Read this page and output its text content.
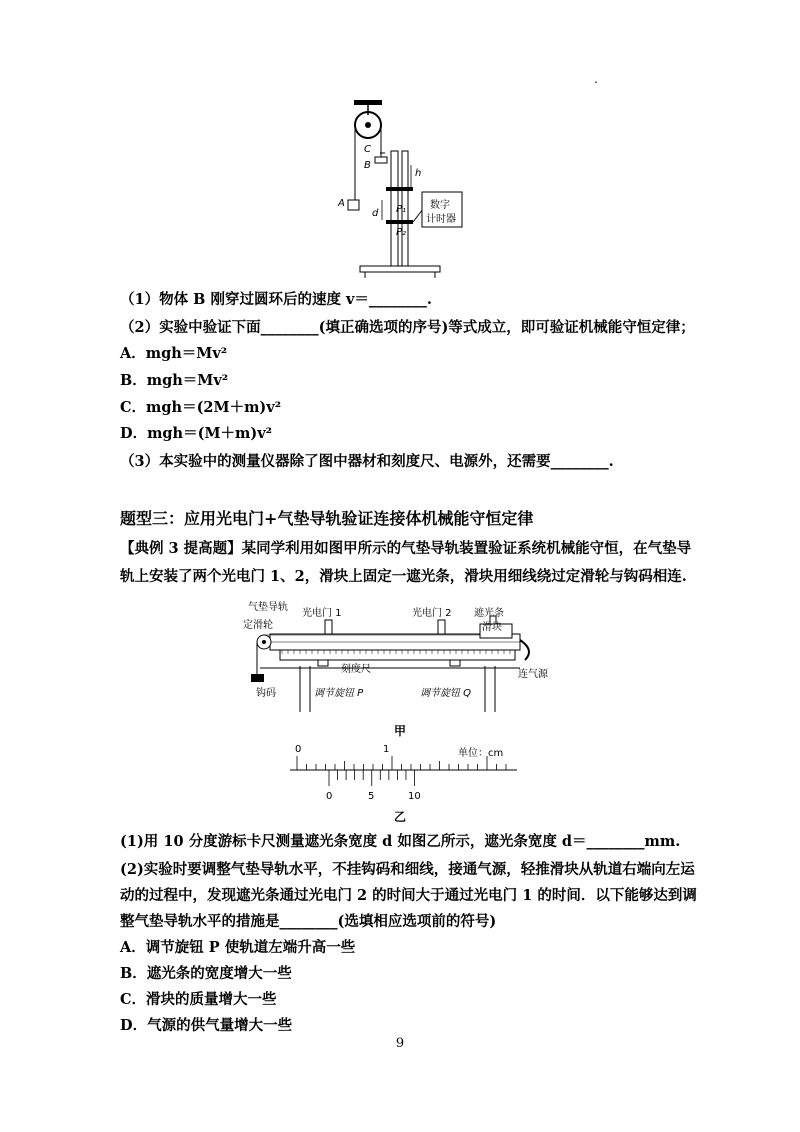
.
C
B
A
h
d P₁
P₂
数字
计时器
（1）物体 B 刚穿过圆环后的速度 v＝________.
（2）实验中验证下面________(填正确选项的序号)等式成立，即可验证机械能守恒定律；
A．mgh＝Mv²
B．mgh＝Mv²
C．mgh＝(2M＋m)v²
D．mgh＝(M＋m)v²
（3）本实验中的测量仪器除了图中器材和刻度尺、电源外，还需要________.
题型三：应用光电门+气垫导轨验证连接体机械能守恒定律
【典例 3 提高题】某同学利用如图甲所示的气垫导轨装置验证系统机械能守恒，在气垫导
轨上安装了两个光电门 1、2，滑块上固定一遮光条，滑块用细线绕过定滑轮与钩码相连.
气垫导轨
光电门 1	光电门 2 遮光条
滑块
定滑轮
刻度尺
钩码	调节旋钮 P	调节旋钮 Q
连气源
甲
0	1	单位：cm
0	5	10
乙
(1)用 10 分度游标卡尺测量遮光条宽度 d 如图乙所示，遮光条宽度 d＝________mm.
(2)实验时要调整气垫导轨水平，不挂钩码和细线，接通气源，轻推滑块从轨道右端向左运
动的过程中，发现遮光条通过光电门 2 的时间大于通过光电门 1 的时间．以下能够达到调
整气垫导轨水平的措施是________(选填相应选项前的符号)
A．调节旋钮 P 使轨道左端升高一些
B．遮光条的宽度增大一些
C．滑块的质量增大一些
D．气源的供气量增大一些
9
